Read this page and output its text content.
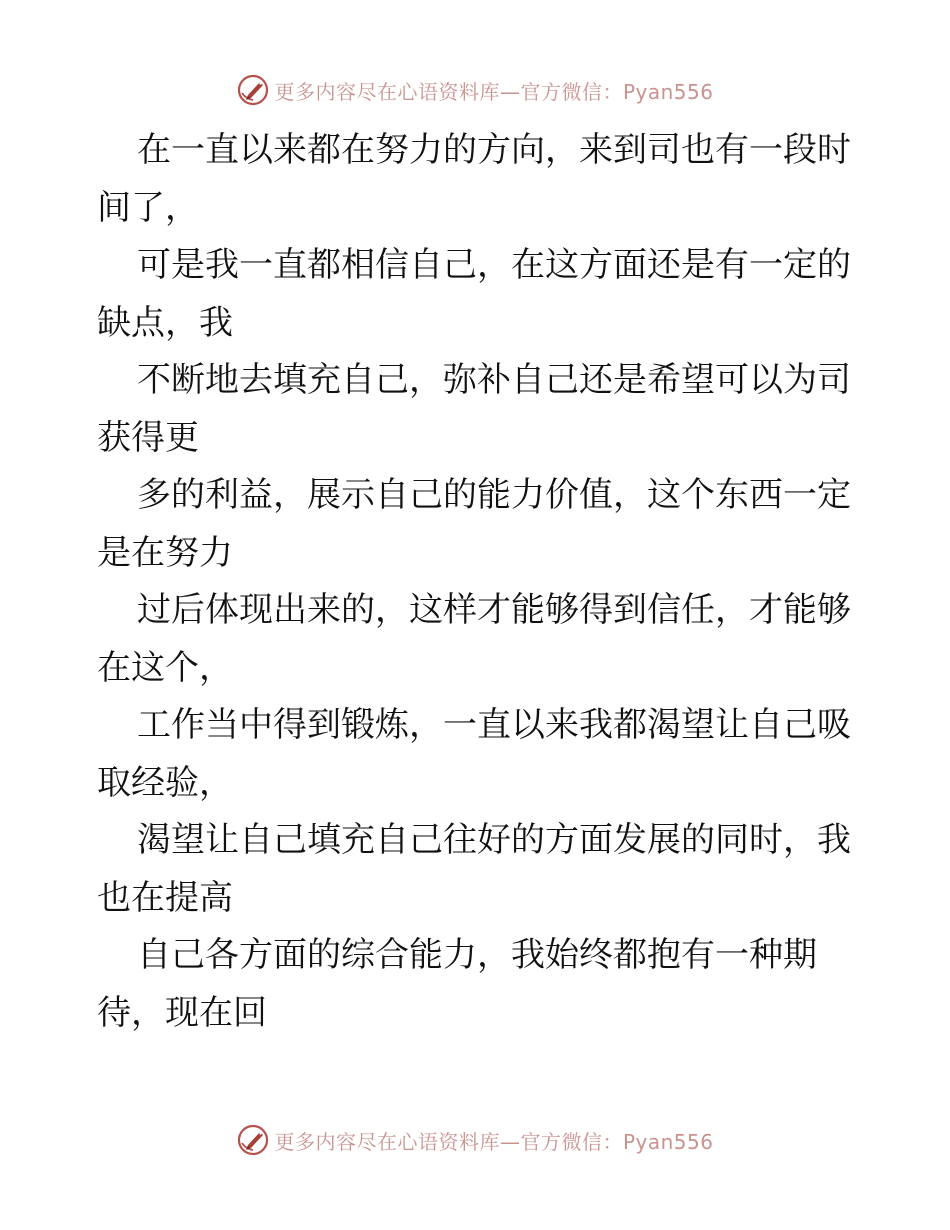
更多内容尽在心语资料库—官方微信：Pyan556

在一直以来都在努力的方向，来到司也有一段时间了，

可是我一直都相信自己，在这方面还是有一定的缺点，我

不断地去填充自己，弥补自己还是希望可以为司获得更

多的利益，展示自己的能力价值，这个东西一定是在努力

过后体现出来的，这样才能够得到信任，才能够在这个，

工作当中得到锻炼，一直以来我都渴望让自己吸取经验，

渴望让自己填充自己往好的方面发展的同时，我也在提高

自己各方面的综合能力，我始终都抱有一种期待，现在回

更多内容尽在心语资料库—官方微信：Pyan556
